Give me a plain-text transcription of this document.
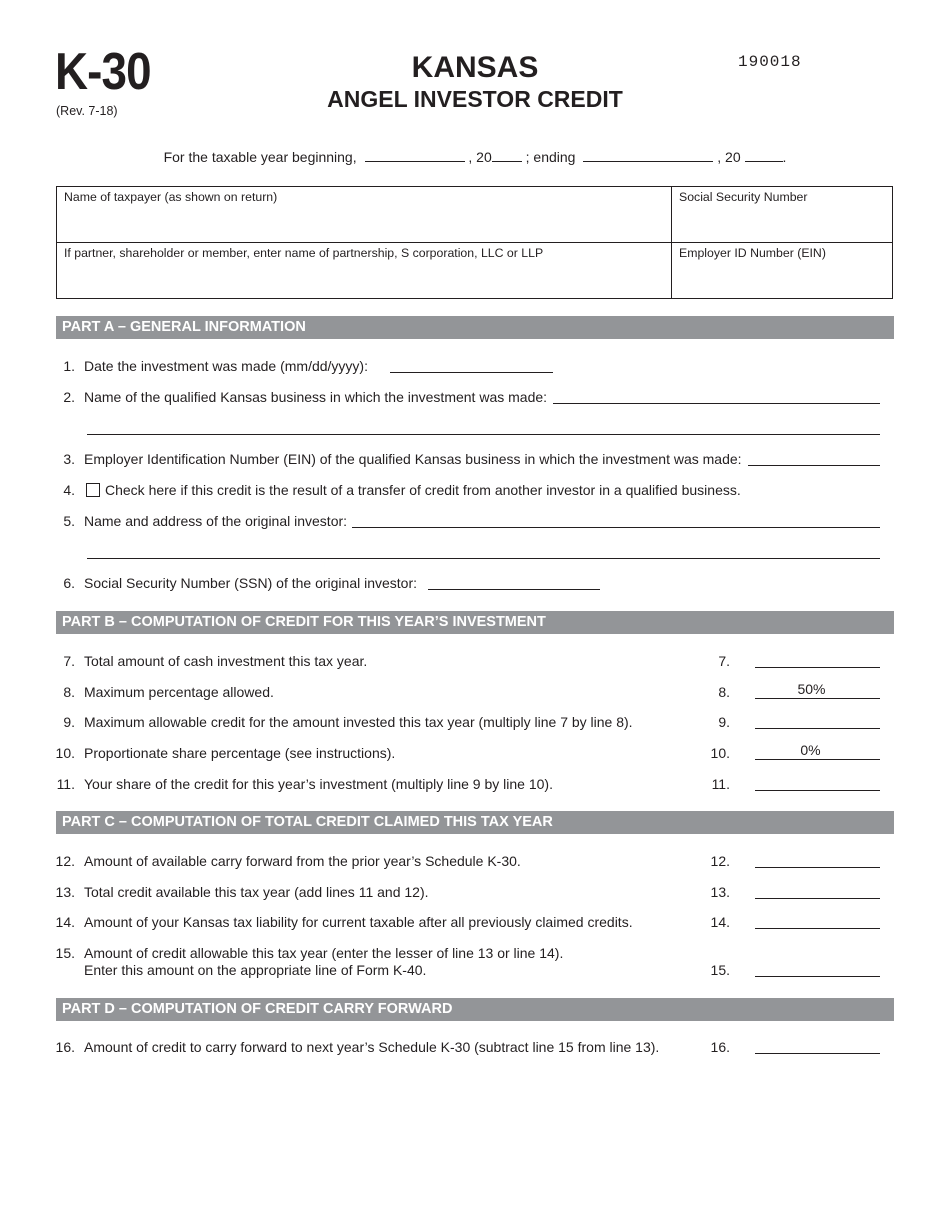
K-30
(Rev. 7-18)
KANSAS
ANGEL INVESTOR CREDIT
190018
For the taxable year beginning,	, 20 ; ending	, 20	.
Name of taxpayer (as shown on return)	Social Security Number
If partner, shareholder or member, enter name of partnership, S corporation, LLC or LLP	Employer ID Number (EIN)
PART A – GENERAL INFORMATION
1. Date the investment was made (mm/dd/yyyy):
2. Name of the qualified Kansas business in which the investment was made:
3. Employer Identification Number (EIN) of the qualified Kansas business in which the investment was made:
4.	Check here if this credit is the result of a transfer of credit from another investor in a qualified business.
5. Name and address of the original investor:
6. Social Security Number (SSN) of the original investor:
PART B – COMPUTATION OF CREDIT FOR THIS YEAR’S INVESTMENT
7. Total amount of cash investment this tax year.	7.
8. Maximum percentage allowed.	8.	50%
9. Maximum allowable credit for the amount invested this tax year (multiply line 7 by line 8).	9.
10. Proportionate share percentage (see instructions).	10.	0%
11. Your share of the credit for this year’s investment (multiply line 9 by line 10).	11.
PART C – COMPUTATION OF TOTAL CREDIT CLAIMED THIS TAX YEAR
12. Amount of available carry forward from the prior year’s Schedule K-30.	12.
13. Total credit available this tax year (add lines 11 and 12).	13.
14. Amount of your Kansas tax liability for current taxable after all previously claimed credits.	14.
15. Amount of credit allowable this tax year (enter the lesser of line 13 or line 14).
Enter this amount on the appropriate line of Form K-40.	15.
PART D – COMPUTATION OF CREDIT CARRY FORWARD
16. Amount of credit to carry forward to next year’s Schedule K-30 (subtract line 15 from line 13).	16.
